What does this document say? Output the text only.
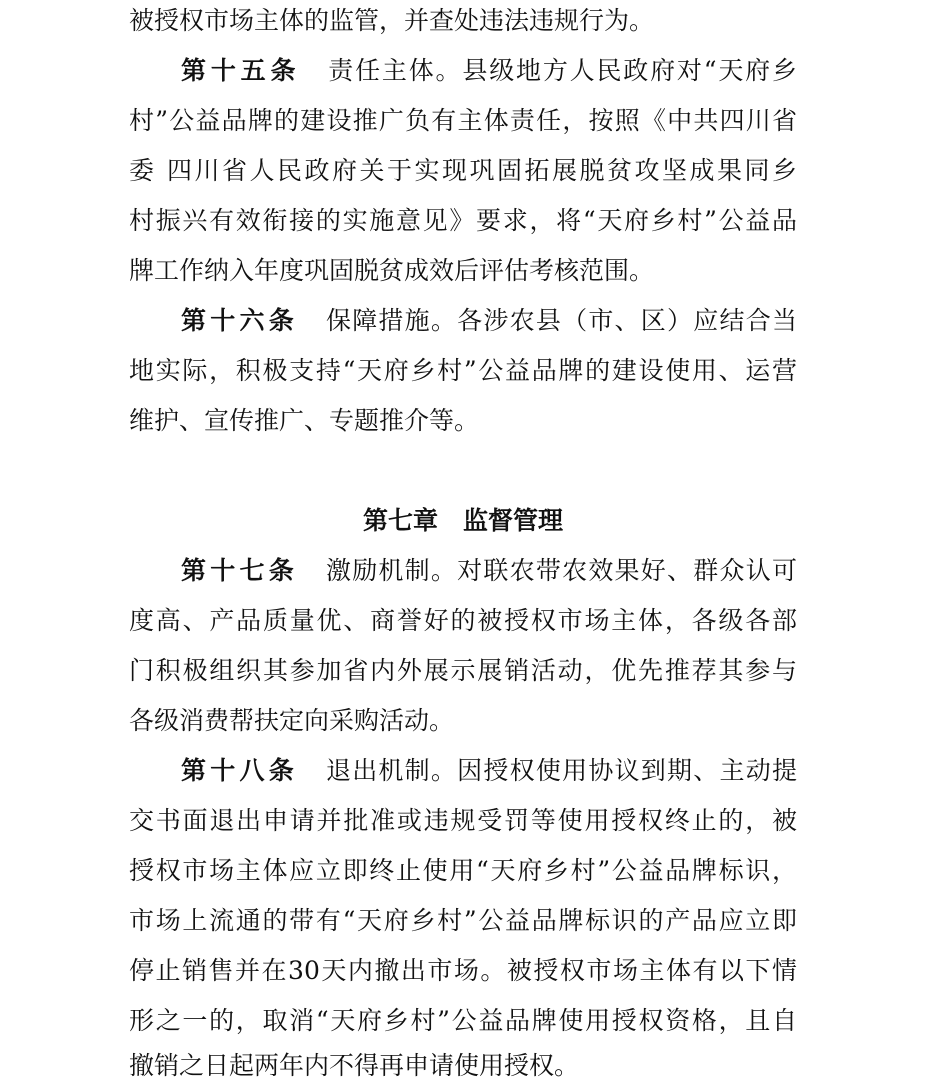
被授权市场主体的监管，并查处违法违规行为。
第十五条 责任主体。县级地方人民政府对“天府乡
村”公益品牌的建设推广负有主体责任，按照《中共四川省
委 四川省人民政府关于实现巩固拓展脱贫攻坚成果同乡
村振兴有效衔接的实施意见》要求，将“天府乡村”公益品
牌工作纳入年度巩固脱贫成效后评估考核范围。
第十六条 保障措施。各涉农县（市、区）应结合当
地实际，积极支持“天府乡村”公益品牌的建设使用、运营
维护、宣传推广、专题推介等。
第七章　监督管理
第十七条 激励机制。对联农带农效果好、群众认可
度高、产品质量优、商誉好的被授权市场主体，各级各部
门积极组织其参加省内外展示展销活动，优先推荐其参与
各级消费帮扶定向采购活动。
第十八条 退出机制。因授权使用协议到期、主动提
交书面退出申请并批准或违规受罚等使用授权终止的，被
授权市场主体应立即终止使用“天府乡村”公益品牌标识，
市场上流通的带有“天府乡村”公益品牌标识的产品应立即
停止销售并在30天内撤出市场。被授权市场主体有以下情
形之一的，取消“天府乡村”公益品牌使用授权资格，且自
撤销之日起两年内不得再申请使用授权。
